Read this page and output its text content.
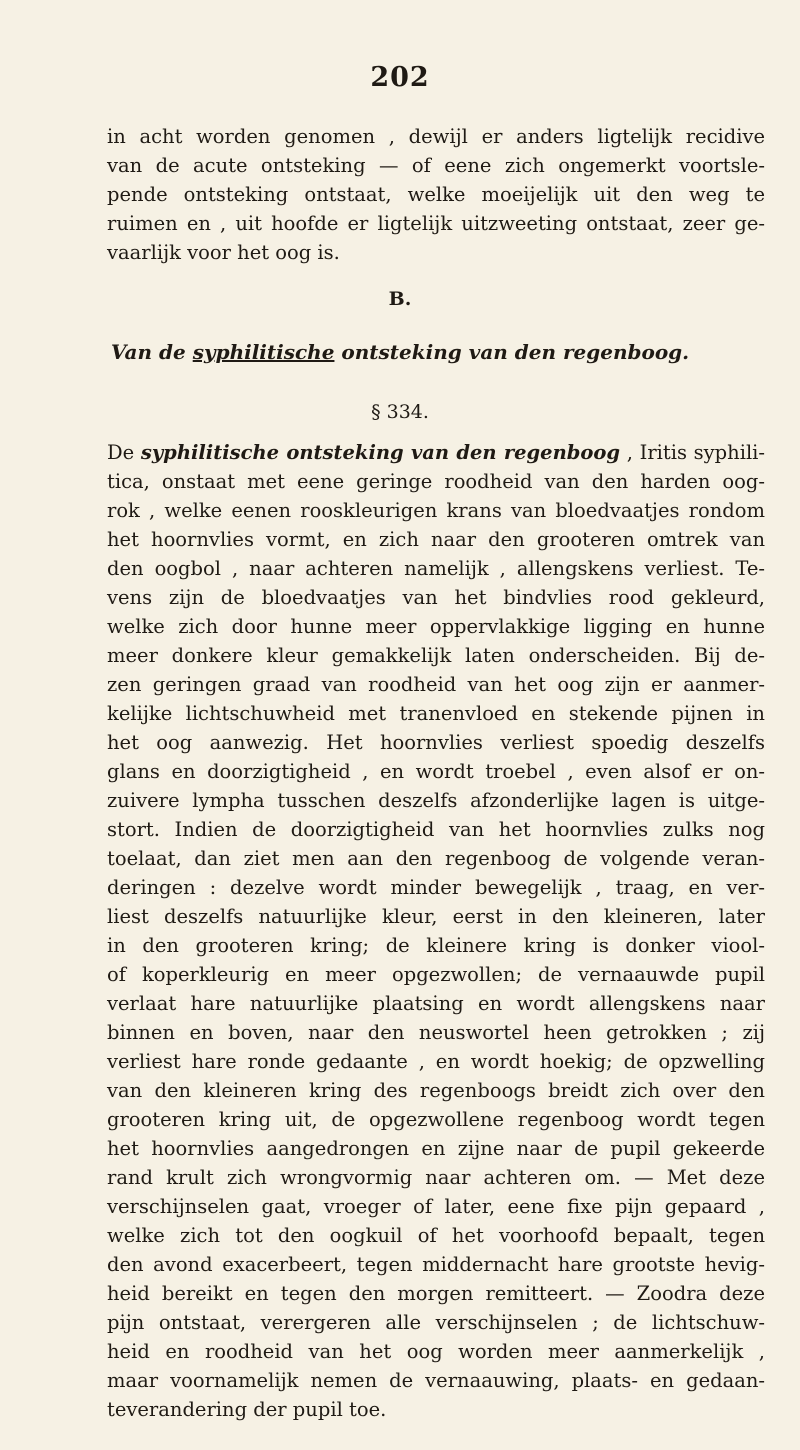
202
in acht worden genomen , dewijl er anders ligtelijk recidive
van de acute ontsteking — of eene zich ongemerkt voortsle-
pende ontsteking ontstaat, welke moeijelijk uit den weg te
ruimen en , uit hoofde er ligtelijk uitzweeting ontstaat, zeer ge-
vaarlijk voor het oog is.
B.
Van de syphilitische ontsteking van den regenboog.
§ 334.
De syphilitische ontsteking van den regenboog , Iritis syphili-
tica, onstaat met eene geringe roodheid van den harden oog-
rok , welke eenen rooskleurigen krans van bloedvaatjes rondom
het hoornvlies vormt, en zich naar den grooteren omtrek van
den oogbol , naar achteren namelijk , allengskens verliest. Te-
vens zijn de bloedvaatjes van het bindvlies rood gekleurd,
welke zich door hunne meer oppervlakkige ligging en hunne
meer donkere kleur gemakkelijk laten onderscheiden. Bij de-
zen geringen graad van roodheid van het oog zijn er aanmer-
kelijke lichtschuwheid met tranenvloed en stekende pijnen in
het oog aanwezig. Het hoornvlies verliest spoedig deszelfs
glans en doorzigtigheid , en wordt troebel , even alsof er on-
zuivere lympha tusschen deszelfs afzonderlijke lagen is uitge-
stort. Indien de doorzigtigheid van het hoornvlies zulks nog
toelaat, dan ziet men aan den regenboog de volgende veran-
deringen : dezelve wordt minder bewegelijk , traag, en ver-
liest deszelfs natuurlijke kleur, eerst in den kleineren, later
in den grooteren kring; de kleinere kring is donker viool-
of koperkleurig en meer opgezwollen; de vernaauwde pupil
verlaat hare natuurlijke plaatsing en wordt allengskens naar
binnen en boven, naar den neuswortel heen getrokken ; zij
verliest hare ronde gedaante , en wordt hoekig; de opzwelling
van den kleineren kring des regenboogs breidt zich over den
grooteren kring uit, de opgezwollene regenboog wordt tegen
het hoornvlies aangedrongen en zijne naar de pupil gekeerde
rand krult zich wrongvormig naar achteren om. — Met deze
verschijnselen gaat, vroeger of later, eene fixe pijn gepaard ,
welke zich tot den oogkuil of het voorhoofd bepaalt, tegen
den avond exacerbeert, tegen middernacht hare grootste hevig-
heid bereikt en tegen den morgen remitteert. — Zoodra deze
pijn ontstaat, verergeren alle verschijnselen ; de lichtschuw-
heid en roodheid van het oog worden meer aanmerkelijk ,
maar voornamelijk nemen de vernaauwing, plaats- en gedaan-
teverandering der pupil toe.
